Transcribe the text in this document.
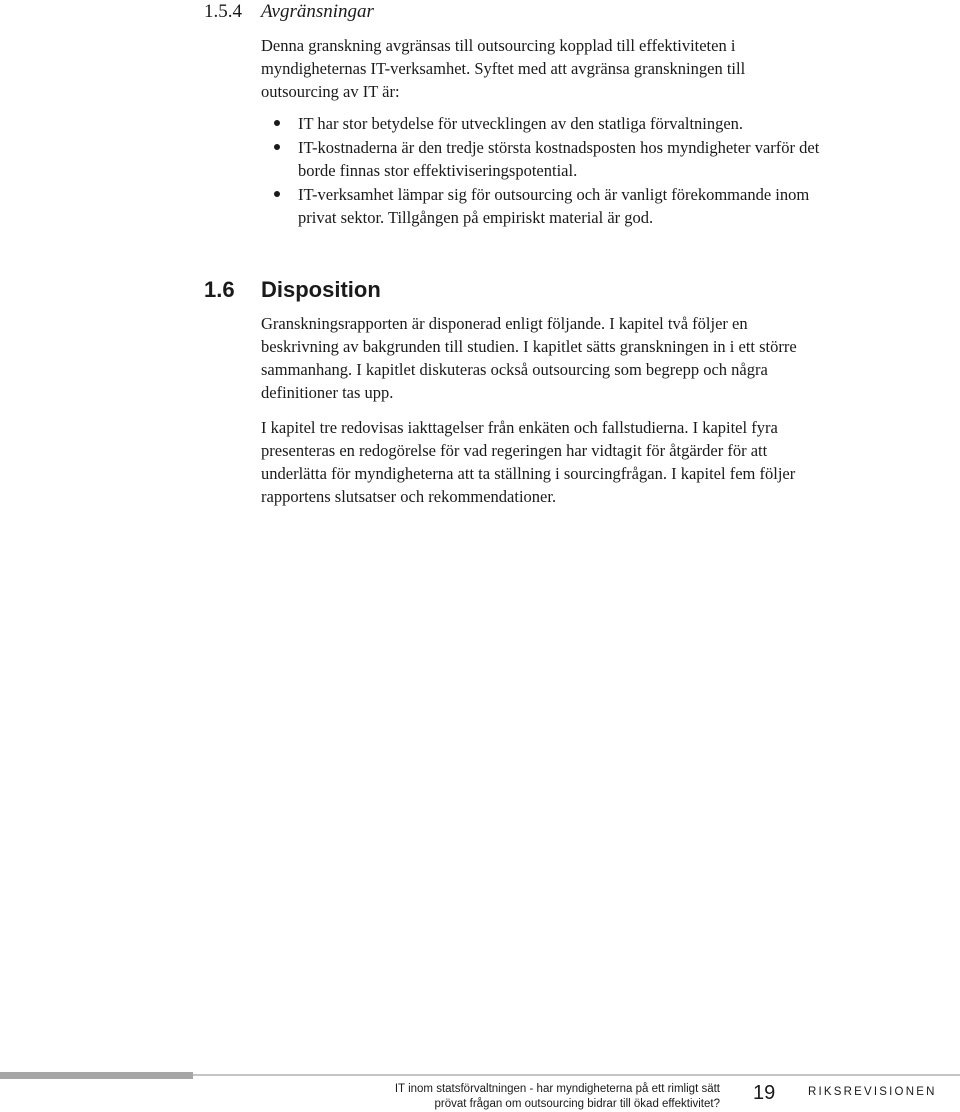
1.5.4 Avgränsningar

Denna granskning avgränsas till outsourcing kopplad till effektiviteten i myndigheternas IT-verksamhet. Syftet med att avgränsa granskningen till outsourcing av IT är:

IT har stor betydelse för utvecklingen av den statliga förvaltningen.
IT-kostnaderna är den tredje största kostnadsposten hos myndigheter varför det borde finnas stor effektiviseringspotential.
IT-verksamhet lämpar sig för outsourcing och är vanligt förekommande inom privat sektor. Tillgången på empiriskt material är god.
1.6 Disposition

Granskningsrapporten är disponerad enligt följande. I kapitel två följer en beskrivning av bakgrunden till studien. I kapitlet sätts granskningen in i ett större sammanhang. I kapitlet diskuteras också outsourcing som begrepp och några definitioner tas upp.

I kapitel tre redovisas iakttagelser från enkäten och fallstudierna. I kapitel fyra presenteras en redogörelse för vad regeringen har vidtagit för åtgärder för att underlätta för myndigheterna att ta ställning i sourcingfrågan. I kapitel fem följer rapportens slutsatser och rekommendationer.

IT inom statsförvaltningen - har myndigheterna på ett rimligt sätt
prövat frågan om outsourcing bidrar till ökad effektivitet? 19	RIKSREVISIONEN
